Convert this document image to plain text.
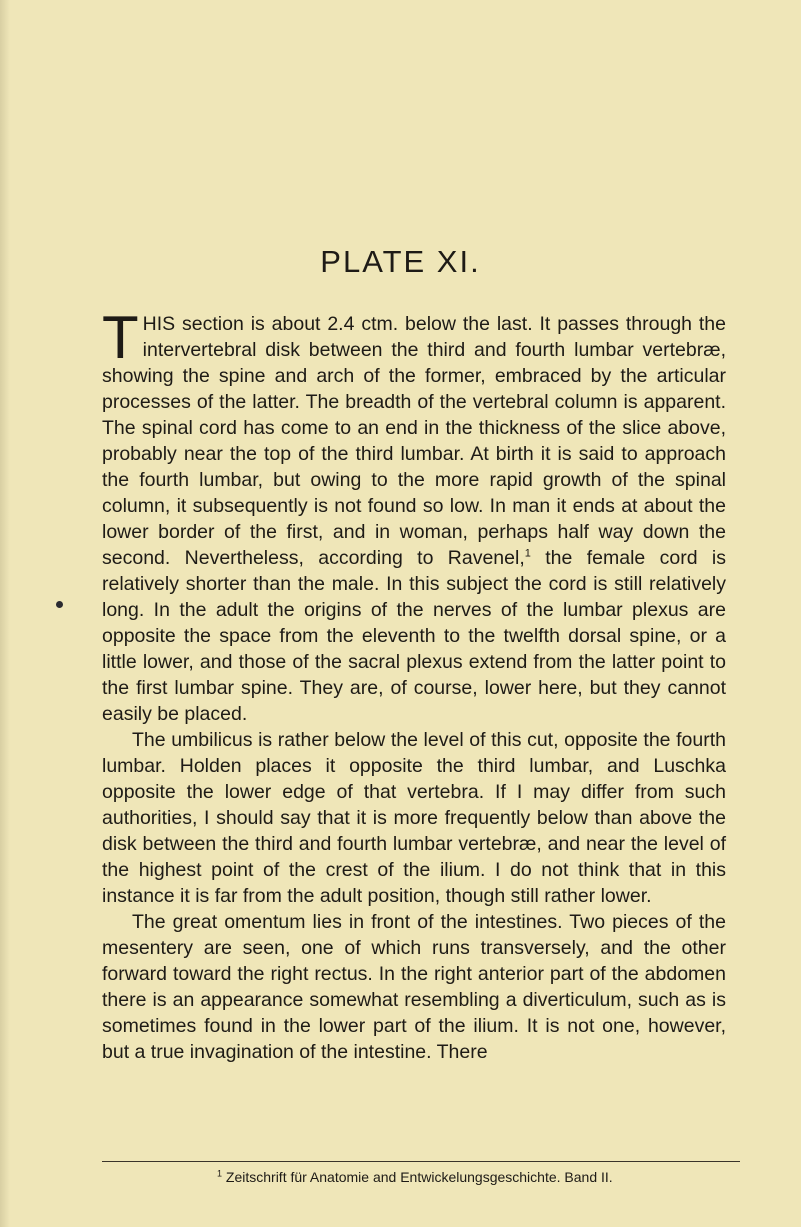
PLATE XI.

THIS section is about 2.4 ctm. below the last. It passes through the intervertebral disk between the third and fourth lumbar vertebræ, showing the spine and arch of the former, embraced by the articular processes of the latter. The breadth of the vertebral column is apparent. The spinal cord has come to an end in the thickness of the slice above, probably near the top of the third lumbar. At birth it is said to approach the fourth lumbar, but owing to the more rapid growth of the spinal column, it subsequently is not found so low. In man it ends at about the lower border of the first, and in woman, perhaps half way down the second. Nevertheless, according to Ravenel,$^1$ the female cord is relatively shorter than the male. In this subject the cord is still relatively long. In the adult the origins of the nerves of the lumbar plexus are opposite the space from the eleventh to the twelfth dorsal spine, or a little lower, and those of the sacral plexus extend from the latter point to the first lumbar spine. They are, of course, lower here, but they cannot easily be placed.

The umbilicus is rather below the level of this cut, opposite the fourth lumbar. Holden places it opposite the third lumbar, and Luschka opposite the lower edge of that vertebra. If I may differ from such authorities, I should say that it is more frequently below than above the disk between the third and fourth lumbar vertebræ, and near the level of the highest point of the crest of the ilium. I do not think that in this instance it is far from the adult position, though still rather lower.

The great omentum lies in front of the intestines. Two pieces of the mesentery are seen, one of which runs transversely, and the other forward toward the right rectus. In the right anterior part of the abdomen there is an appearance somewhat resembling a diverticulum, such as is sometimes found in the lower part of the ilium. It is not one, however, but a true invagination of the intestine. There

$^1$ Zeitschrift für Anatomie and Entwickelungsgeschichte. Band II.
